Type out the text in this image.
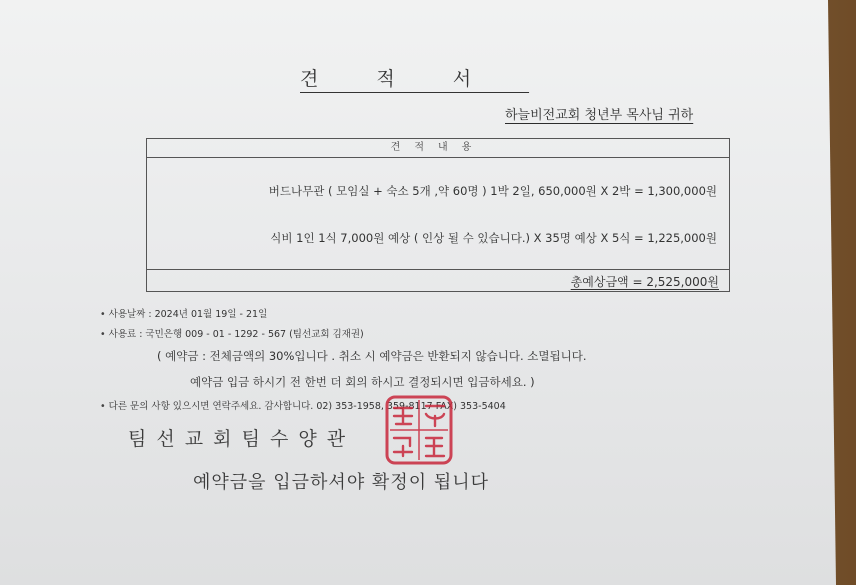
견적서
하늘비전교회 청년부 목사님 귀하
견적내용
버드나무관 ( 모임실 + 숙소 5개 ,약 60명 ) 1박 2일, 650,000원 X 2박 = 1,300,000원
식비 1인 1식 7,000원 예상 ( 인상 될 수 있습니다.) X 35명 예상 X 5식 = 1,225,000원
총예상금액 = 2,525,000원
• 사용날짜 : 2024년 01월 19일 - 21일
• 사용료 : 국민은행 009 - 01 - 1292 - 567 (팀선교회 김재권)
( 예약금 : 전체금액의 30%입니다 . 취소 시 예약금은 반환되지 않습니다. 소멸됩니다.
예약금 입금 하시기 전 한번 더 회의 하시고 결정되시면 입금하세요. )
• 다른 문의 사항 있으시면 연락주세요. 감사합니다. 02) 353-1958, 359-8117 FAX) 353-5404
팀 선 교 회 팀 수 양 관
예약금을 입금하셔야 확정이 됩니다
